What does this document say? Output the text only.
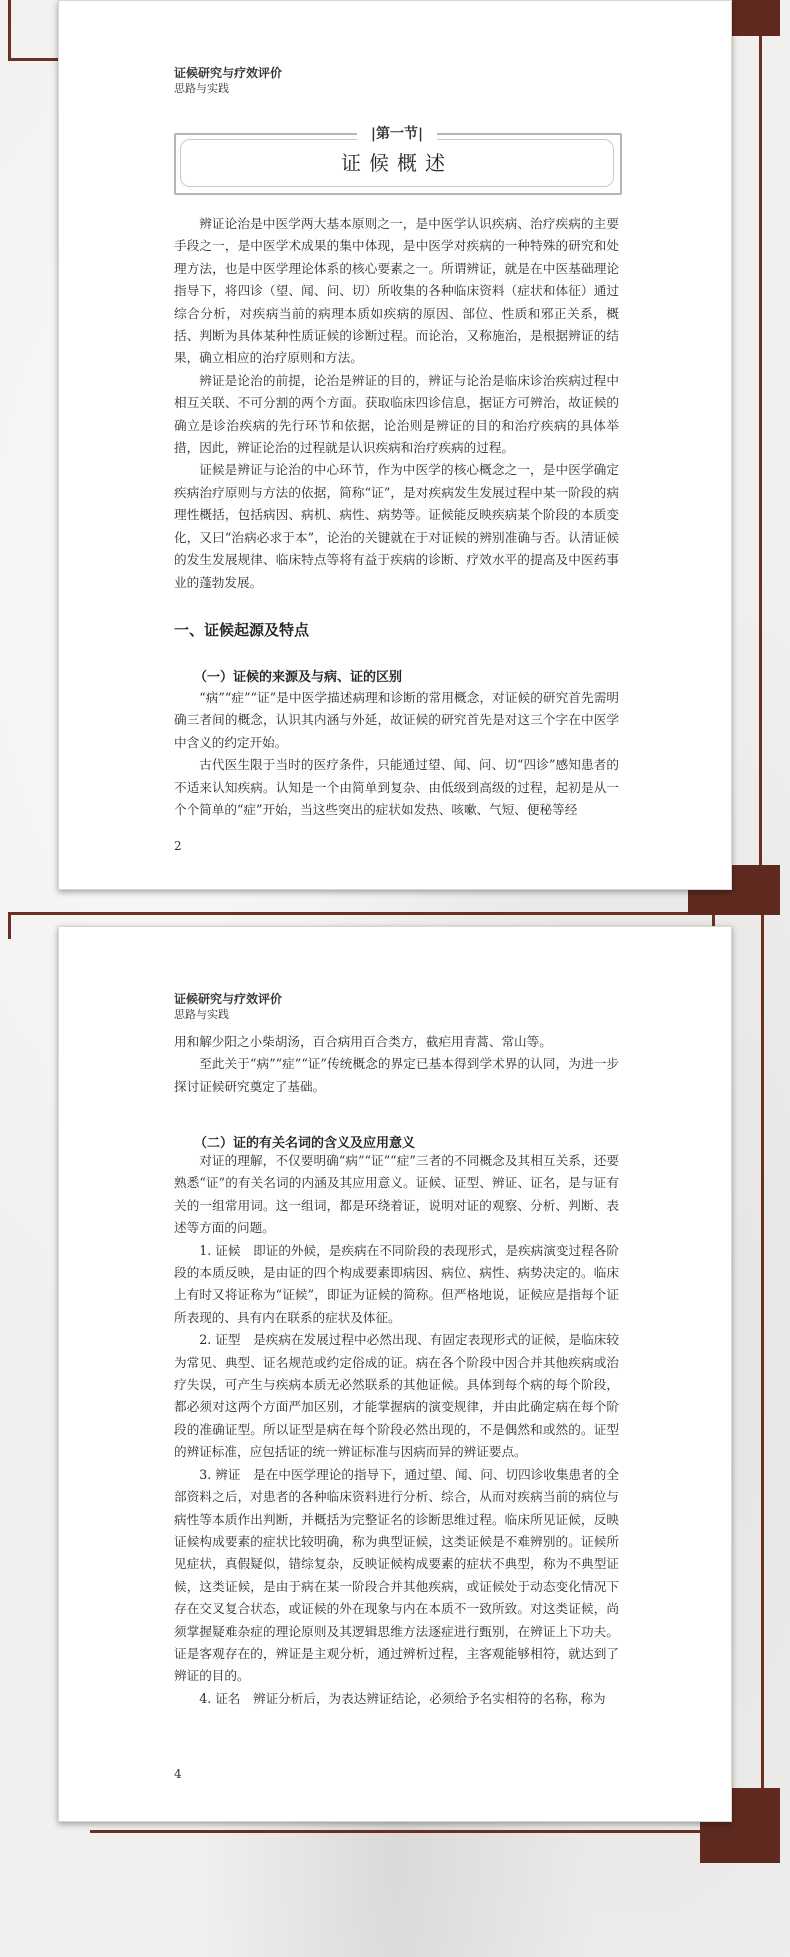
证候研究与疗效评价
思路与实践
证候概述
|第一节|

辨证论治是中医学两大基本原则之一，是中医学认识疾病、治疗疾病的主要手段之一，是中医学术成果的集中体现，是中医学对疾病的一种特殊的研究和处理方法，也是中医学理论体系的核心要素之一。所谓辨证，就是在中医基础理论指导下，将四诊（望、闻、问、切）所收集的各种临床资料（症状和体征）通过综合分析，对疾病当前的病理本质如疾病的原因、部位、性质和邪正关系，概括、判断为具体某种性质证候的诊断过程。而论治，又称施治，是根据辨证的结果，确立相应的治疗原则和方法。

辨证是论治的前提，论治是辨证的目的，辨证与论治是临床诊治疾病过程中相互关联、不可分割的两个方面。获取临床四诊信息，据证方可辨治，故证候的确立是诊治疾病的先行环节和依据，论治则是辨证的目的和治疗疾病的具体举措，因此，辨证论治的过程就是认识疾病和治疗疾病的过程。

证候是辨证与论治的中心环节，作为中医学的核心概念之一，是中医学确定疾病治疗原则与方法的依据，简称“证”，是对疾病发生发展过程中某一阶段的病理性概括，包括病因、病机、病性、病势等。证候能反映疾病某个阶段的本质变化，又曰“治病必求于本”，论治的关键就在于对证候的辨别准确与否。认清证候的发生发展规律、临床特点等将有益于疾病的诊断、疗效水平的提高及中医药事业的蓬勃发展。

一、证候起源及特点
（一）证候的来源及与病、证的区别

“病”“症”“证”是中医学描述病理和诊断的常用概念，对证候的研究首先需明确三者间的概念，认识其内涵与外延，故证候的研究首先是对这三个字在中医学中含义的约定开始。

古代医生限于当时的医疗条件，只能通过望、闻、问、切“四诊”感知患者的不适来认知疾病。认知是一个由简单到复杂、由低级到高级的过程，起初是从一个个简单的“症”开始，当这些突出的症状如发热、咳嗽、气短、便秘等经

2
证候研究与疗效评价
思路与实践

用和解少阳之小柴胡汤，百合病用百合类方，截疟用青蒿、常山等。

至此关于“病”“症”“证”传统概念的界定已基本得到学术界的认同，为进一步探讨证候研究奠定了基础。

（二）证的有关名词的含义及应用意义

对证的理解，不仅要明确“病”“证”“症”三者的不同概念及其相互关系，还要熟悉“证”的有关名词的内涵及其应用意义。证候、证型、辨证、证名，是与证有关的一组常用词。这一组词，都是环绕着证，说明对证的观察、分析、判断、表述等方面的问题。

1. 证候　即证的外候，是疾病在不同阶段的表现形式，是疾病演变过程各阶段的本质反映，是由证的四个构成要素即病因、病位、病性、病势决定的。临床上有时又将证称为“证候”，即证为证候的简称。但严格地说，证候应是指每个证所表现的、具有内在联系的症状及体征。

2. 证型　是疾病在发展过程中必然出现、有固定表现形式的证候，是临床较为常见、典型、证名规范或约定俗成的证。病在各个阶段中因合并其他疾病或治疗失误，可产生与疾病本质无必然联系的其他证候。具体到每个病的每个阶段，都必须对这两个方面严加区别，才能掌握病的演变规律，并由此确定病在每个阶段的准确证型。所以证型是病在每个阶段必然出现的，不是偶然和或然的。证型的辨证标准，应包括证的统一辨证标准与因病而异的辨证要点。

3. 辨证　是在中医学理论的指导下，通过望、闻、问、切四诊收集患者的全部资料之后，对患者的各种临床资料进行分析、综合，从而对疾病当前的病位与病性等本质作出判断，并概括为完整证名的诊断思维过程。临床所见证候，反映证候构成要素的症状比较明确，称为典型证候，这类证候是不难辨别的。证候所见症状，真假疑似，错综复杂，反映证候构成要素的症状不典型，称为不典型证候，这类证候，是由于病在某一阶段合并其他疾病，或证候处于动态变化情况下存在交叉复合状态，或证候的外在现象与内在本质不一致所致。对这类证候，尚须掌握疑难杂症的理论原则及其逻辑思维方法逐症进行甄别，在辨证上下功夫。证是客观存在的，辨证是主观分析，通过辨析过程，主客观能够相符，就达到了辨证的目的。

4. 证名　辨证分析后，为表达辨证结论，必须给予名实相符的名称，称为

4
